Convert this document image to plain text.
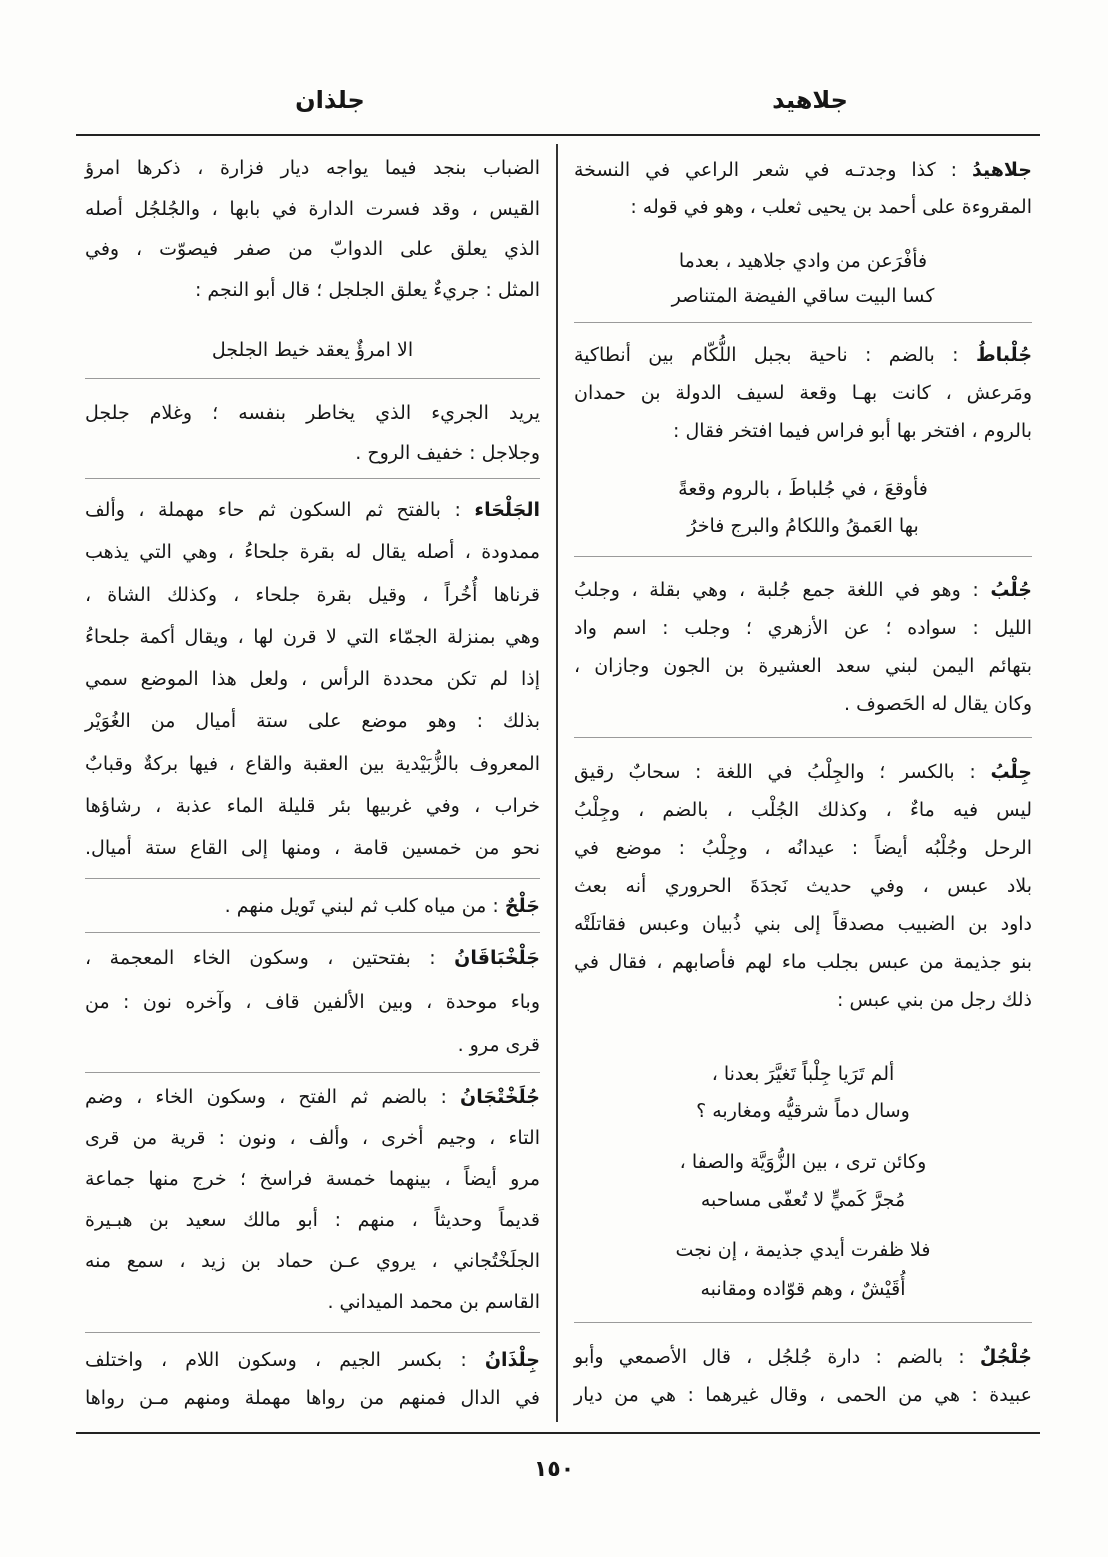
جلاهيد
جلذان
جلاهيدُ : كذا وجدتـه في شعر الراعي في النسخة
المقروءة على أحمد بن يحيى ثعلب ، وهو في قوله :
فأفْرَعن من وادي جلاهيد ، بعدما
كسا البيت ساقي الفيضة المتناصر
جُلْباطُ : بالضم : ناحية بجبل اللُّكّام بين أنطاكية
ومَرعش ، كانت بهـا وقعة لسيف الدولة بن حمدان
بالروم ، افتخر بها أبو فراس فيما افتخر فقال :
فأوقعَ ، في جُلباطَ ، بالروم وقعةً
بها العَمقُ واللكامُ والبرج فاخرُ
جُلْبُ : وهو في اللغة جمع جُلبة ، وهي بقلة ، وجلبُ
الليل : سواده ؛ عن الأزهري ؛ وجلب : اسم واد
بتهائم اليمن لبني سعد العشيرة بن الجون وجازان ،
وكان يقال له الحَصوف .
جِلْبُ : بالكسر ؛ والجِلْبُ في اللغة : سحابٌ رقيق
ليس فيه ماءٌ ، وكذلك الجُلْب ، بالضم ، وجِلْبُ
الرحل وجُلْبُه أيضاً : عيدانُه ، وجِلْبُ : موضع في
بلاد عبس ، وفي حديث نَجدَةَ الحروري أنه بعث
داود بن الضبيب مصدقاً إلى بني ذُبيان وعبس فقاتلَتْه
بنو جذيمة من عبس بجلب ماء لهم فأصابهم ، فقال في
ذلك رجل من بني عبس :
ألم تَرَيا جِلْباً تَغيَّرَ بعدنا ،
وسال دماً شرقيُّه ومغاربه ؟
وكائن ترى ، بين الزُّوَيَّة والصفا ،
مُجرَّ كَميٍّ لا تُعفّى مساحبه
فلا ظفرت أيدي جذيمة ، إن نجت
أُقَيْشٌ ، وهم قوّاده ومقانبه
جُلْجُلٌ : بالضم : دارة جُلجُل ، قال الأصمعي وأبو
عبيدة : هي من الحمى ، وقال غيرهما : هي من ديار
الضباب بنجد فيما يواجه ديار فزارة ، ذكرها امرؤ
القيس ، وقد فسرت الدارة في بابها ، والجُلجُل أصله
الذي يعلق على الدوابّ من صفر فيصوّت ، وفي
المثل : جريءٌ يعلق الجلجل ؛ قال أبو النجم :
الا امرؤٌ يعقد خيط الجلجل
يريد الجريء الذي يخاطر بنفسه ؛ وغلام جلجل
وجلاجل : خفيف الروح .
الجَلْحَاء : بالفتح ثم السكون ثم حاء مهملة ، وألف
ممدودة ، أصله يقال له بقرة جلحاءُ ، وهي التي يذهب
قرناها أُخُراً ، وقيل بقرة جلحاء ، وكذلك الشاة ،
وهي بمنزلة الجمّاء التي لا قرن لها ، ويقال أكمة جلحاءُ
إذا لم تكن محددة الرأس ، ولعل هذا الموضع سمي
بذلك : وهو موضع على ستة أميال من الغُوَيْر
المعروف بالزُّبَيْدية بين العقبة والقاع ، فيها بركةٌ وقبابٌ
خراب ، وفي غربيها بئر قليلة الماء عذبة ، رشاؤها
نحو من خمسين قامة ، ومنها إلى القاع ستة أميال.
جَلْحٌ : من مياه كلب ثم لبني تَويل منهم .
جَلْخْبَاقَانُ : بفتحتين ، وسكون الخاء المعجمة ،
وباء موحدة ، وبين الألفين قاف ، وآخره نون : من
قرى مرو .
جُلَخْتْجَانُ : بالضم ثم الفتح ، وسكون الخاء ، وضم
التاء ، وجيم أخرى ، وألف ، ونون : قرية من قرى
مرو أيضاً ، بينهما خمسة فراسخ ؛ خرج منها جماعة
قديماً وحديثاً ، منهم : أبو مالك سعيد بن هبـيرة
الجلَخْتُجاني ، يروي عـن حماد بن زيد ، سمع منه
القاسم بن محمد الميداني .
جِلْذَانُ : بكسر الجيم ، وسكون اللام ، واختلف
في الدال فمنهم من رواها مهملة ومنهم مـن رواها
١٥٠
